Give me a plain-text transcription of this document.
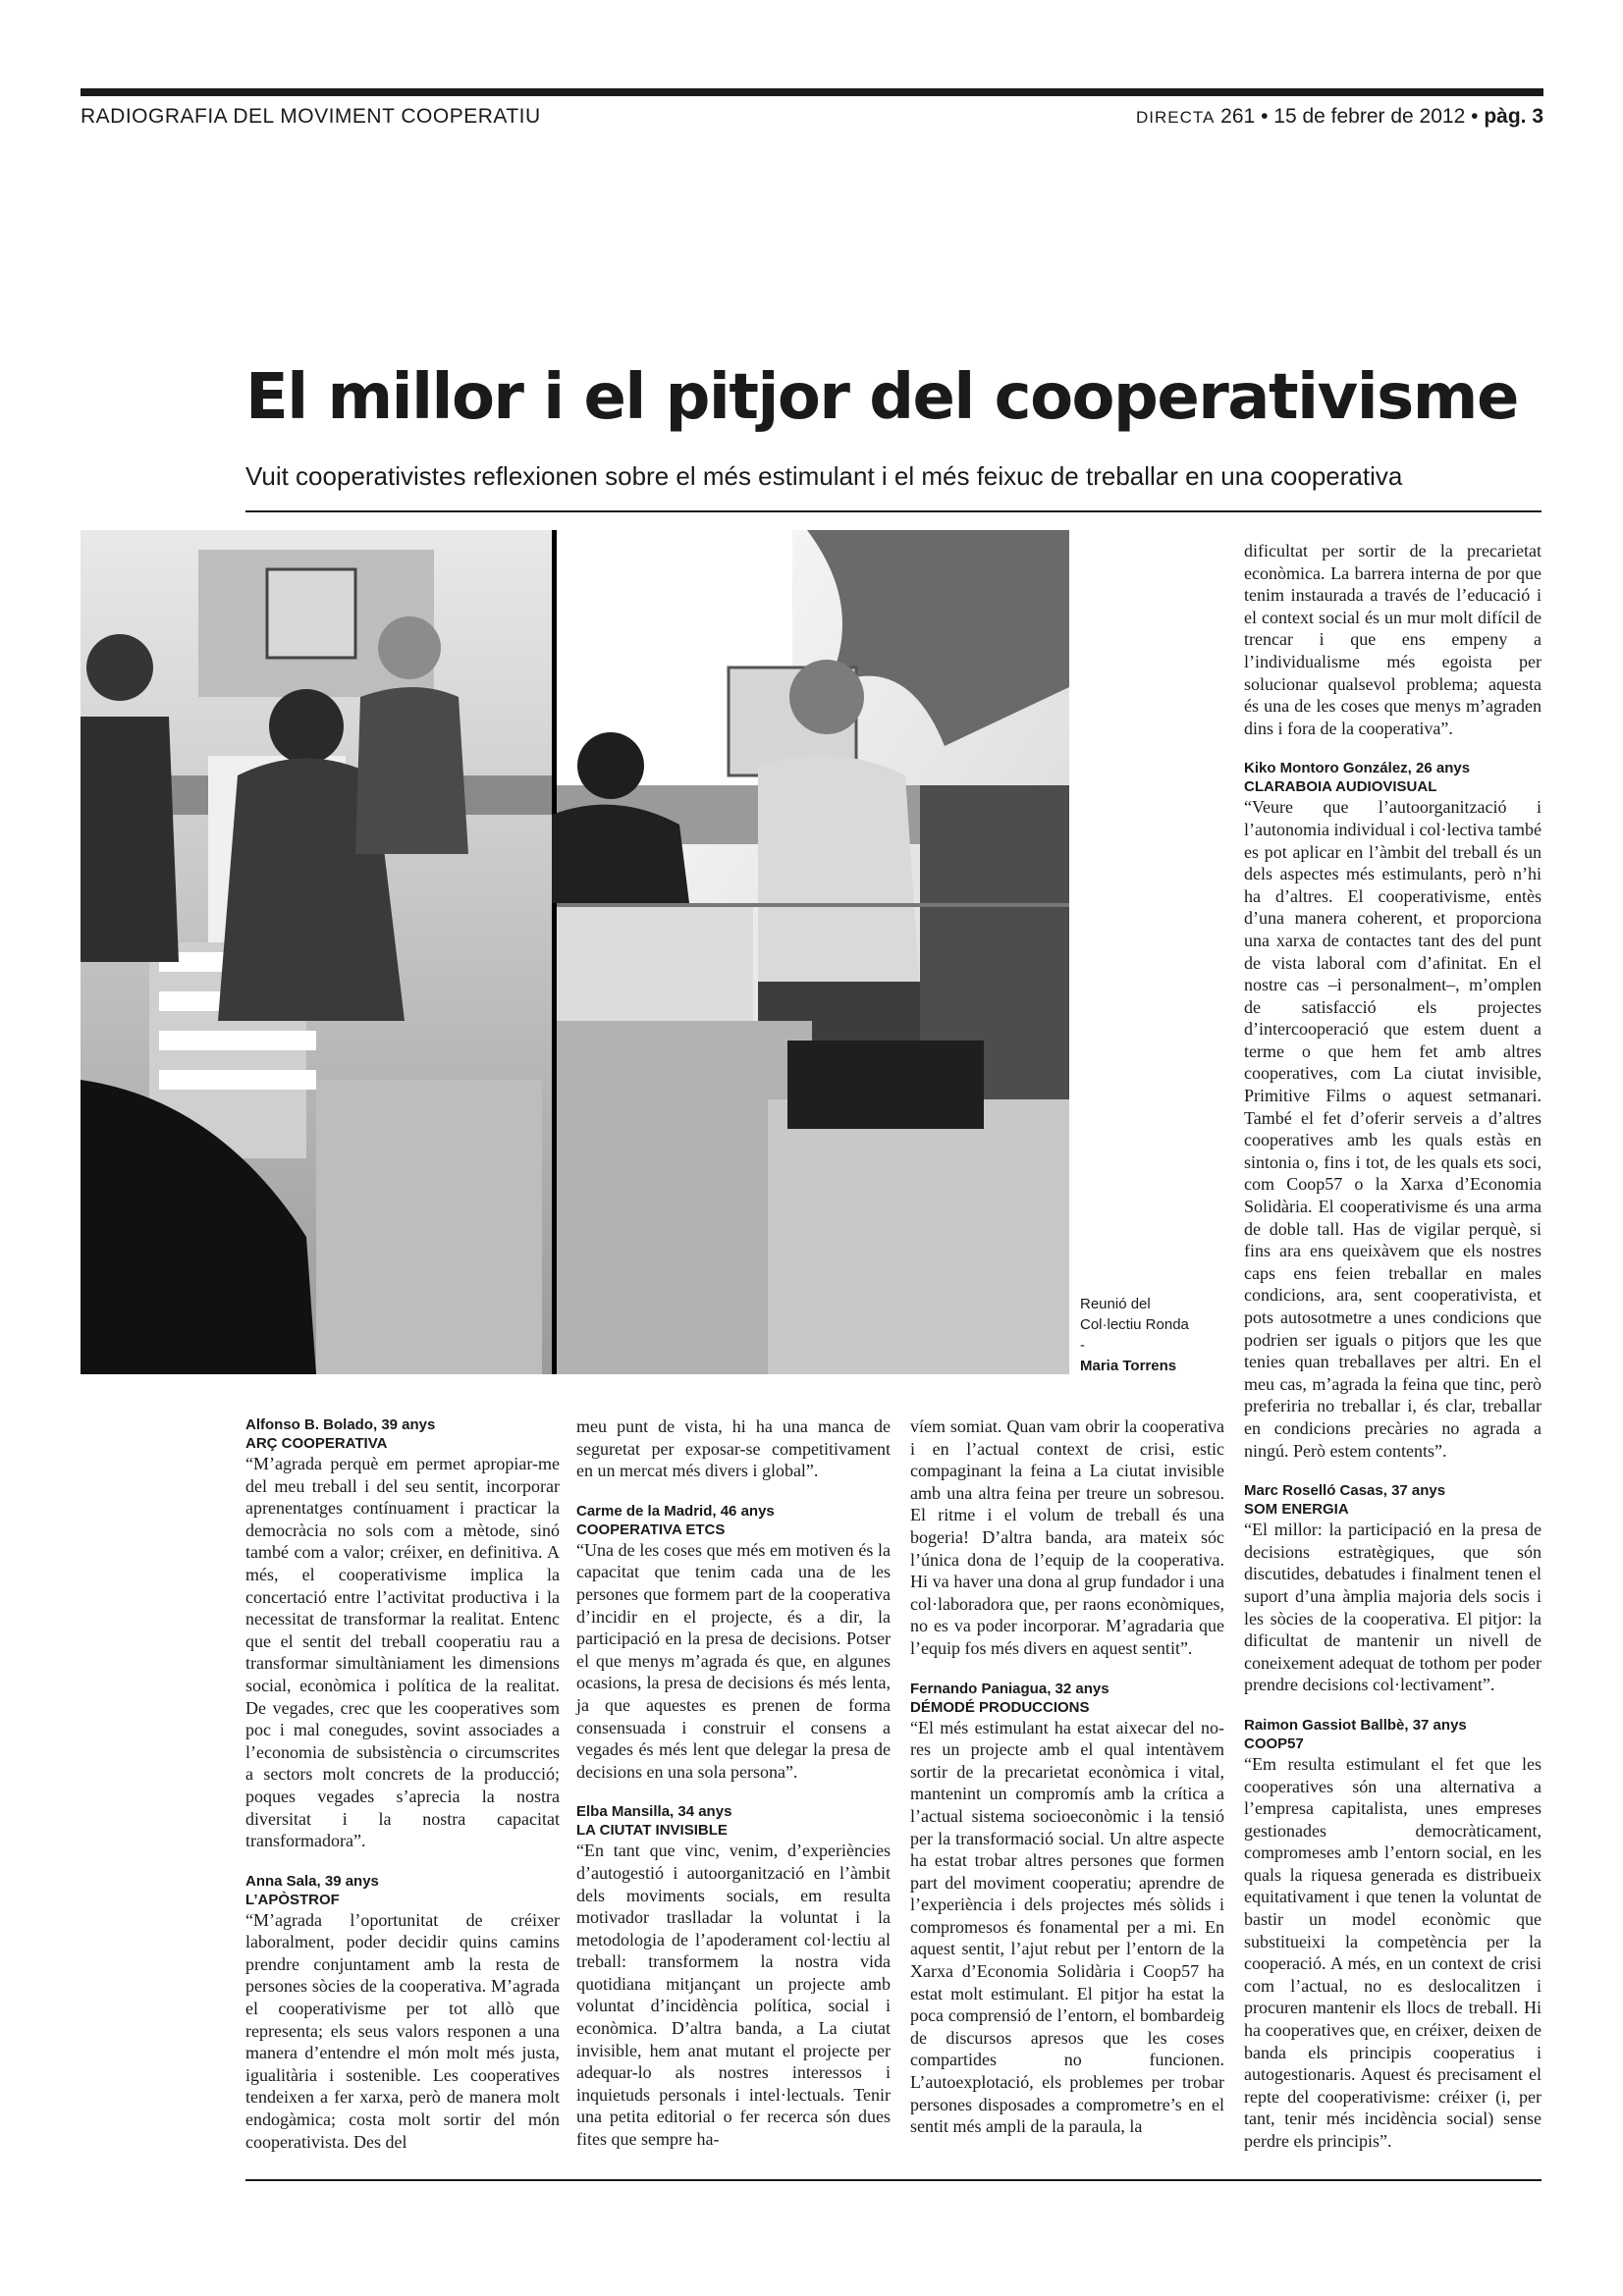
RADIOGRAFIA DEL MOVIMENT COOPERATIU	DIRECTA 261 • 15 de febrer de 2012 • pàg. 3
El millor i el pitjor del cooperativisme
Vuit cooperativistes reflexionen sobre el més estimulant i el més feixuc de treballar en una cooperativa
Reunió del Col·lectiu Ronda
-
Maria Torrens
Alfonso B. Bolado, 39 anys
ARÇ COOPERATIVA

“M’agrada perquè em permet apropiar-me del meu treball i del seu sentit, incorporar aprenentatges contínuament i practicar la democràcia no sols com a mètode, sinó també com a valor; créixer, en definitiva. A més, el cooperativisme implica la concertació entre l’activitat productiva i la necessitat de transformar la realitat. Entenc que el sentit del treball cooperatiu rau a transformar simultàniament les dimensions social, econòmica i política de la realitat. De vegades, crec que les cooperatives som poc i mal conegudes, sovint associades a l’economia de subsistència o circumscrites a sectors molt concrets de la producció; poques vegades s’aprecia la nostra diversitat i la nostra capacitat transformadora”.

Anna Sala, 39 anys
L’APÒSTROF

“M’agrada l’oportunitat de créixer laboralment, poder decidir quins camins prendre conjuntament amb la resta de persones sòcies de la cooperativa. M’agrada el cooperativisme per tot allò que representa; els seus valors responen a una manera d’entendre el món molt més justa, igualitària i sostenible. Les cooperatives tendeixen a fer xarxa, però de manera molt endogàmica; costa molt sortir del món cooperativista. Des del

meu punt de vista, hi ha una manca de seguretat per exposar-se competitivament en un mercat més divers i global”.

Carme de la Madrid, 46 anys
COOPERATIVA ETCS

“Una de les coses que més em motiven és la capacitat que tenim cada una de les persones que formem part de la cooperativa d’incidir en el projecte, és a dir, la participació en la presa de decisions. Potser el que menys m’agrada és que, en algunes ocasions, la presa de decisions és més lenta, ja que aquestes es prenen de forma consensuada i construir el consens a vegades és més lent que delegar la presa de decisions en una sola persona”.

Elba Mansilla, 34 anys
LA CIUTAT INVISIBLE

“En tant que vinc, venim, d’experiències d’autogestió i autoorganització en l’àmbit dels moviments socials, em resulta motivador traslladar la voluntat i la metodologia de l’apoderament col·lectiu al treball: transformem la nostra vida quotidiana mitjançant un projecte amb voluntat d’incidència política, social i econòmica. D’altra banda, a La ciutat invisible, hem anat mutant el projecte per adequar-lo als nostres interessos i inquietuds personals i intel·lectuals. Tenir una petita editorial o fer recerca són dues fites que sempre ha-

víem somiat. Quan vam obrir la cooperativa i en l’actual context de crisi, estic compaginant la feina a La ciutat invisible amb una altra feina per treure un sobresou. El ritme i el volum de treball és una bogeria! D’altra banda, ara mateix sóc l’única dona de l’equip de la cooperativa. Hi va haver una dona al grup fundador i una col·laboradora que, per raons econòmiques, no es va poder incorporar. M’agradaria que l’equip fos més divers en aquest sentit”.

Fernando Paniagua, 32 anys
DÉMODÉ PRODUCCIONS

“El més estimulant ha estat aixecar del no-res un projecte amb el qual intentàvem sortir de la precarietat econòmica i vital, mantenint un compromís amb la crítica a l’actual sistema socioeconòmic i la tensió per la transformació social. Un altre aspecte ha estat trobar altres persones que formen part del moviment cooperatiu; aprendre de l’experiència i dels projectes més sòlids i compromesos és fonamental per a mi. En aquest sentit, l’ajut rebut per l’entorn de la Xarxa d’Economia Solidària i Coop57 ha estat molt estimulant. El pitjor ha estat la poca comprensió de l’entorn, el bombardeig de discursos apresos que les coses compartides no funcionen. L’autoexplotació, els problemes per trobar persones disposades a comprometre’s en el sentit més ampli de la paraula, la

dificultat per sortir de la precarietat econòmica. La barrera interna de por que tenim instaurada a través de l’educació i el context social és un mur molt difícil de trencar i que ens empeny a l’individualisme més egoista per solucionar qualsevol problema; aquesta és una de les coses que menys m’agraden dins i fora de la cooperativa”.

Kiko Montoro González, 26 anys
CLARABOIA AUDIOVISUAL

“Veure que l’autoorganització i l’autonomia individual i col·lectiva també es pot aplicar en l’àmbit del treball és un dels aspectes més estimulants, però n’hi ha d’altres. El cooperativisme, entès d’una manera coherent, et proporciona una xarxa de contactes tant des del punt de vista laboral com d’afinitat. En el nostre cas –i personalment–, m’omplen de satisfacció els projectes d’intercooperació que estem duent a terme o que hem fet amb altres cooperatives, com La ciutat invisible, Primitive Films o aquest setmanari. També el fet d’oferir serveis a d’altres cooperatives amb les quals estàs en sintonia o, fins i tot, de les quals ets soci, com Coop57 o la Xarxa d’Economia Solidària. El cooperativisme és una arma de doble tall. Has de vigilar perquè, si fins ara ens queixàvem que els nostres caps ens feien treballar en males condicions, ara, sent cooperativista, et pots autosotmetre a unes condicions que podrien ser iguals o pitjors que les que tenies quan treballaves per altri. En el meu cas, m’agrada la feina que tinc, però preferiria no treballar i, és clar, treballar en condicions precàries no agrada a ningú. Però estem contents”.

Marc Roselló Casas, 37 anys
SOM ENERGIA

“El millor: la participació en la presa de decisions estratègiques, que són discutides, debatudes i finalment tenen el suport d’una àmplia majoria dels socis i les sòcies de la cooperativa. El pitjor: la dificultat de mantenir un nivell de coneixement adequat de tothom per poder prendre decisions col·lectivament”.

Raimon Gassiot Ballbè, 37 anys
COOP57

“Em resulta estimulant el fet que les cooperatives són una alternativa a l’empresa capitalista, unes empreses gestionades democràticament, compromeses amb l’entorn social, en les quals la riquesa generada es distribueix equitativament i que tenen la voluntat de bastir un model econòmic que substitueixi la competència per la cooperació. A més, en un context de crisi com l’actual, no es deslocalitzen i procuren mantenir els llocs de treball. Hi ha cooperatives que, en créixer, deixen de banda els principis cooperatius i autogestionaris. Aquest és precisament el repte del cooperativisme: créixer (i, per tant, tenir més incidència social) sense perdre els principis”.
